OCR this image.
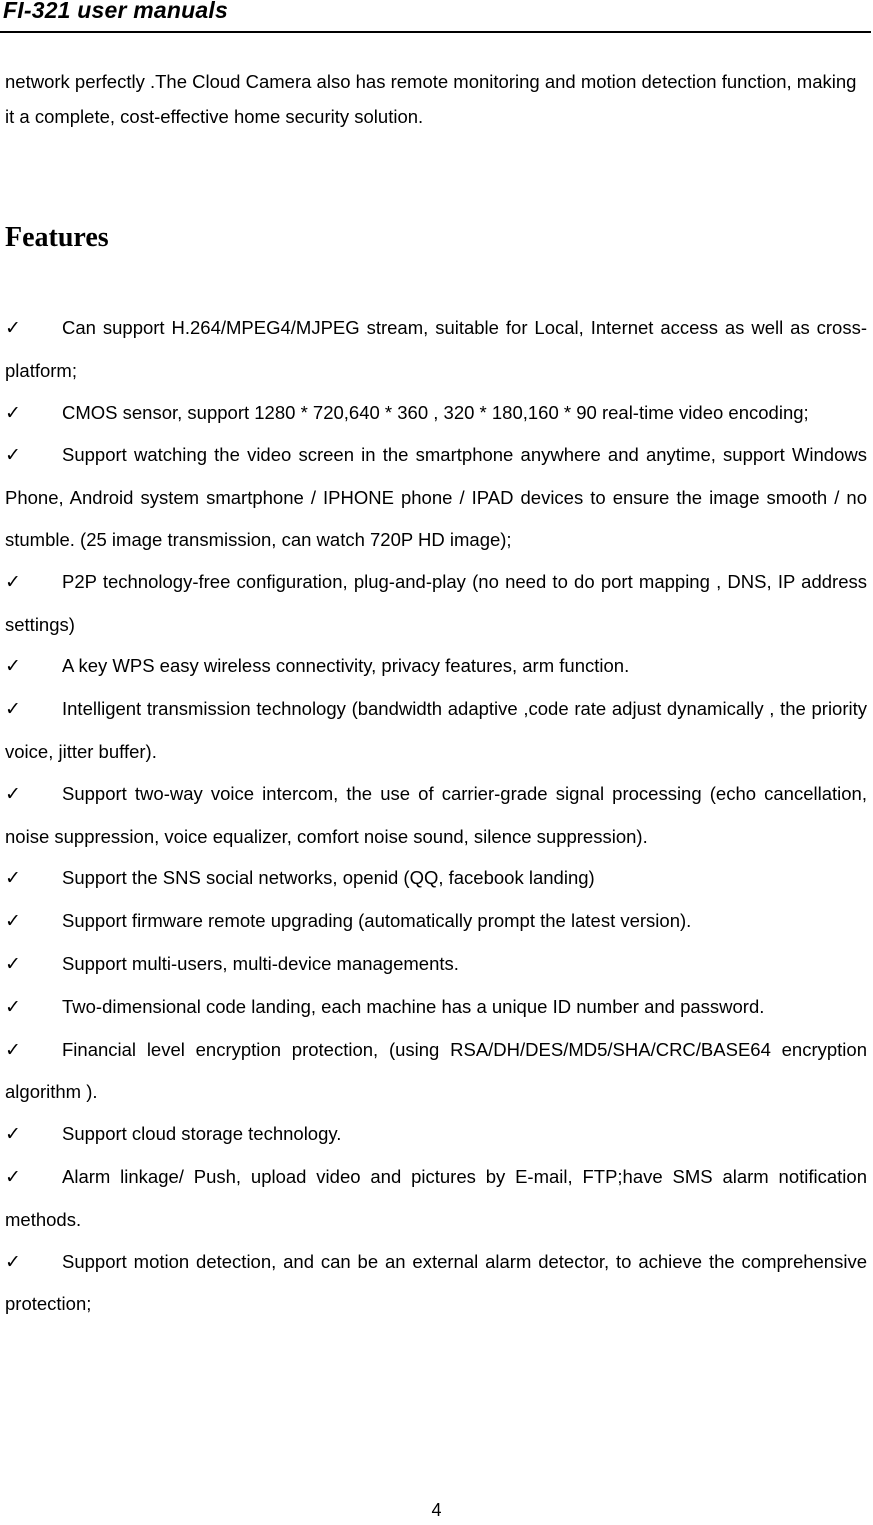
FI-321 user manuals

network perfectly .The Cloud Camera also has remote monitoring and motion detection function, making it a complete, cost-effective home security solution.

Features
✓  Can support H.264/MPEG4/MJPEG stream, suitable for Local, Internet access as well as cross-platform;
✓  CMOS sensor, support 1280 * 720,640 * 360 , 320 * 180,160 * 90 real-time video encoding;
✓  Support watching the video screen in the smartphone anywhere and anytime, support Windows Phone, Android system smartphone / IPHONE phone / IPAD devices to ensure the image smooth / no stumble. (25 image transmission, can watch 720P HD image);
✓  P2P technology-free configuration, plug-and-play (no need to do port mapping , DNS, IP address settings)
✓  A key WPS easy wireless connectivity, privacy features, arm function.
✓  Intelligent transmission technology (bandwidth adaptive ,code rate adjust dynamically , the priority voice, jitter buffer).
✓  Support two-way voice intercom, the use of carrier-grade signal processing (echo cancellation, noise suppression, voice equalizer, comfort noise sound, silence suppression).
✓  Support the SNS social networks, openid (QQ, facebook landing)
✓  Support firmware remote upgrading (automatically prompt the latest version).
✓  Support multi-users, multi-device managements.
✓  Two-dimensional code landing, each machine has a unique ID number and password.
✓  Financial level encryption protection, (using RSA/DH/DES/MD5/SHA/CRC/BASE64 encryption algorithm ).
✓  Support cloud storage technology.
✓  Alarm linkage/ Push, upload video and pictures by E-mail, FTP;have SMS alarm notification methods.
✓  Support motion detection, and can be an external alarm detector, to achieve the comprehensive protection;
4
